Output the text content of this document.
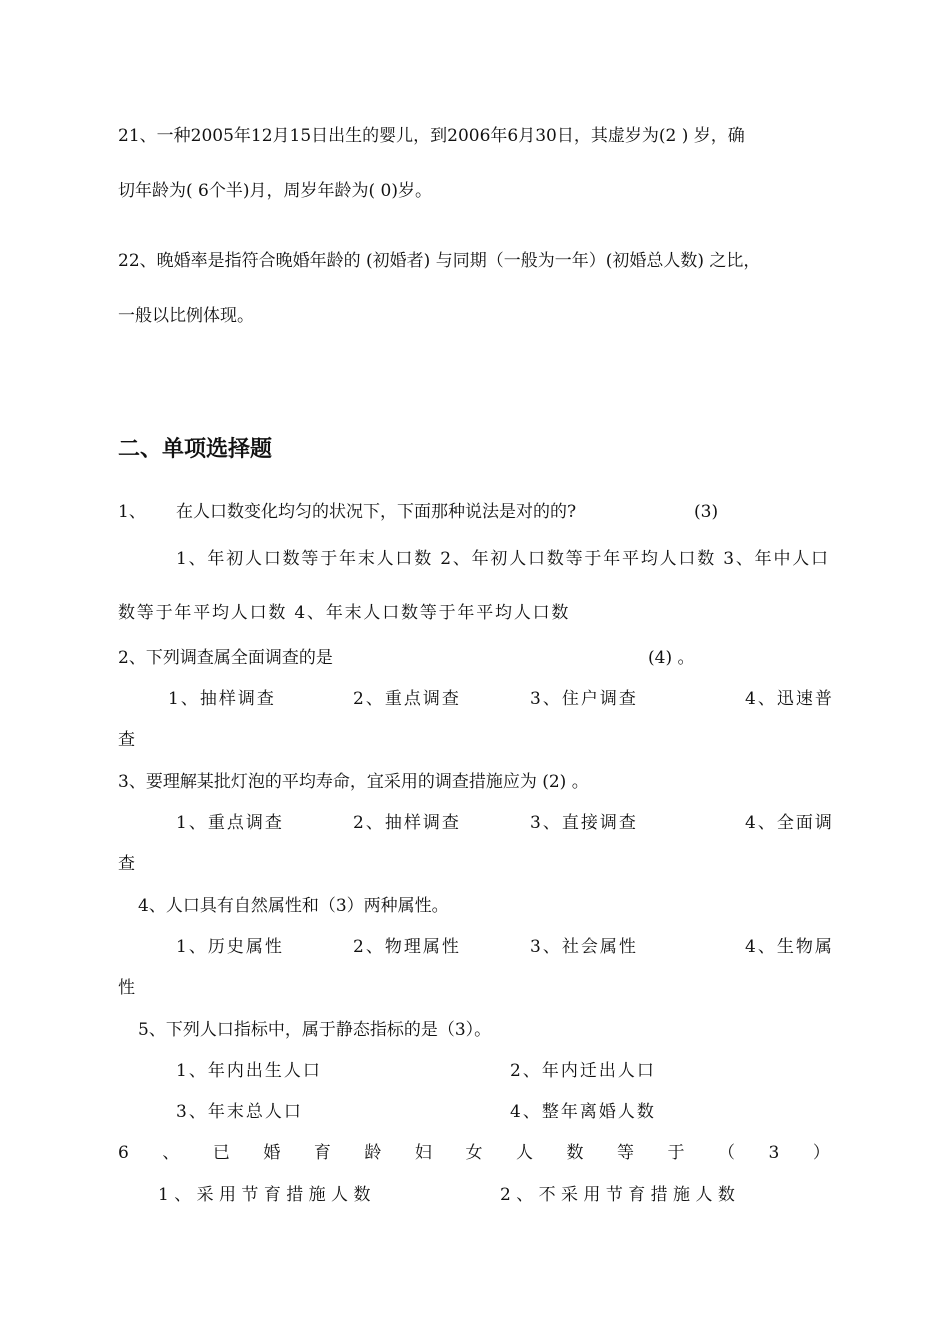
21、一种2005年12月15日出生的婴儿，到2006年6月30日，其虚岁为(2 ) 岁，确
切年龄为( 6个半)月，周岁年龄为( 0)岁。
22、晚婚率是指符合晚婚年龄的 (初婚者) 与同期（一般为一年）(初婚总人数) 之比，
一般以比例体现。
二、单项选择题
1、 在人口数变化均匀的状况下，下面那种说法是对的的?	(3)
1、年初人口数等于年末人口数 2、年初人口数等于年平均人口数 3、年中人口
数等于年平均人口数 4、年末人口数等于年平均人口数
2、下列调查属全面调查的是	(4) 。
1、抽样调查	2、重点调查	3、住户调查	4、迅速普
查
3、要理解某批灯泡的平均寿命，宜采用的调查措施应为 (2) 。
1、重点调查	2、抽样调查	3、直接调查	4、全面调
查
4、人口具有自然属性和（3）两种属性。
1、历史属性	2、物理属性	3、社会属性	4、生物属
性
5、下列人口指标中，属于静态指标的是（3）。
1、年内出生人口	2、年内迁出人口
3、年末总人口	4、整年离婚人数
6 、 已 婚 育 龄 妇 女 人 数 等 于 （ 3 ）
1 、 采 用 节 育 措 施 人 数	2 、 不 采 用 节 育 措 施 人 数
